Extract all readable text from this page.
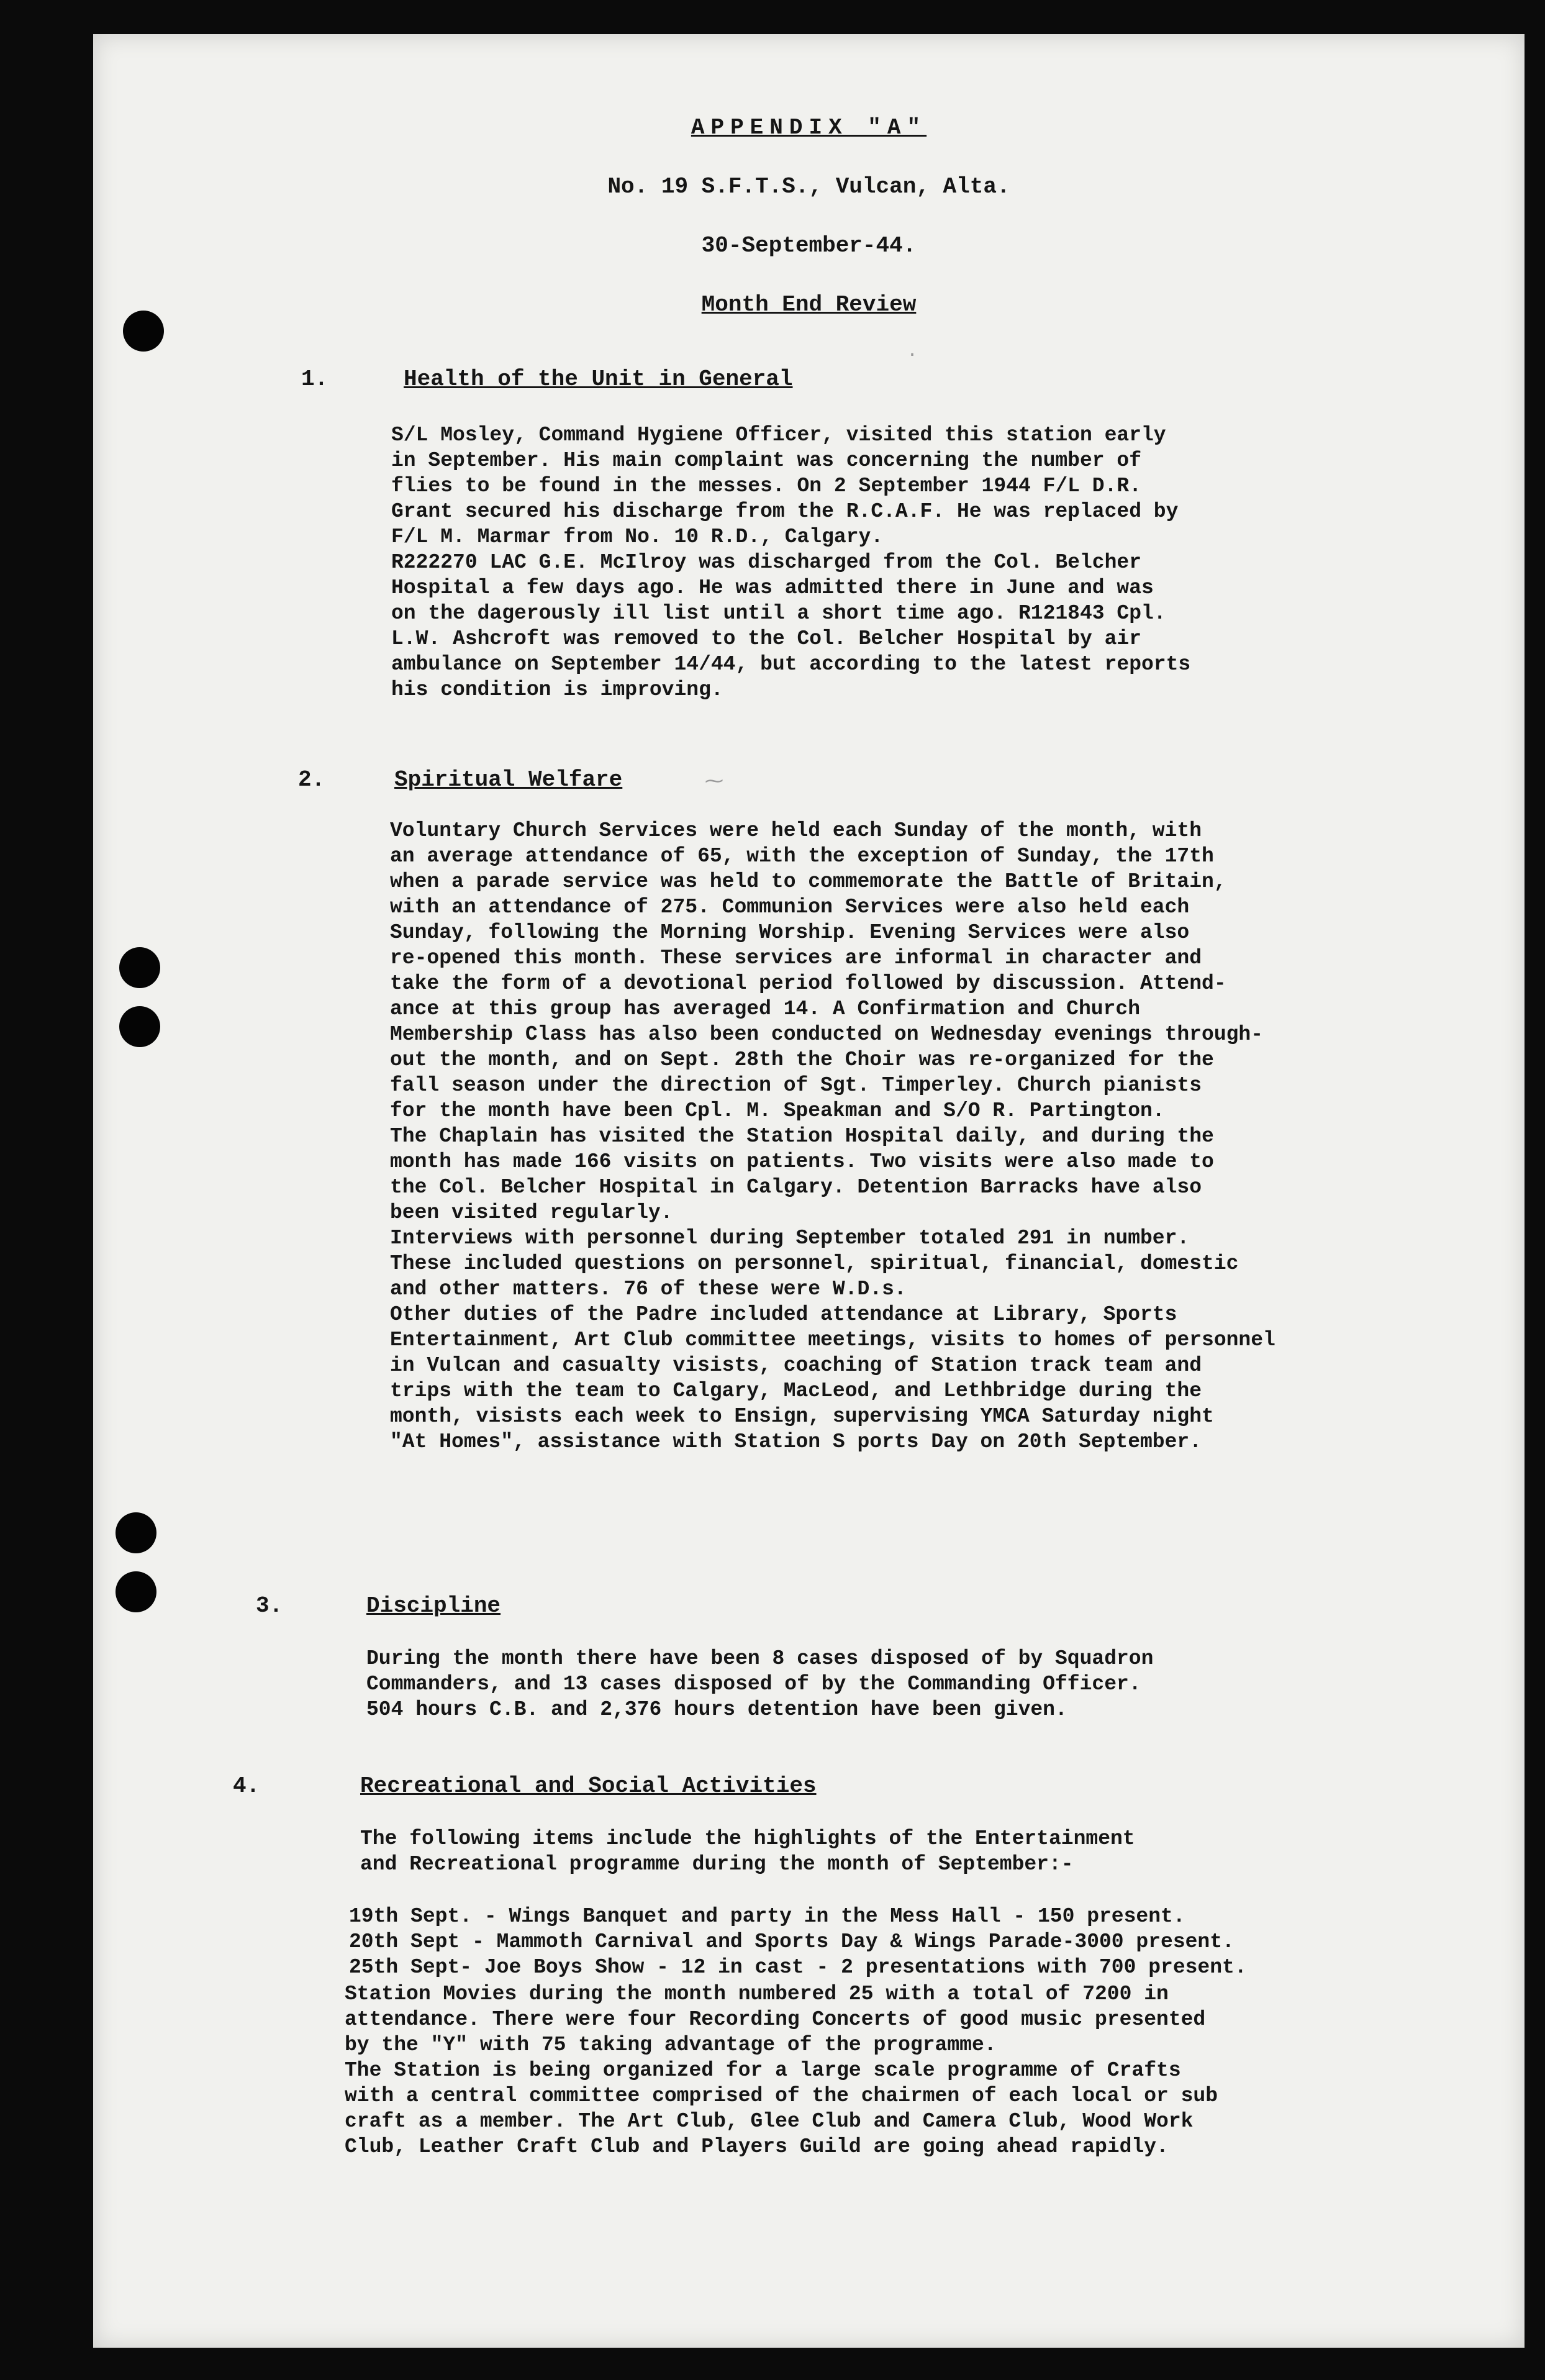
APPENDIX "A"
No. 19 S.F.T.S., Vulcan, Alta.
30-September-44.
Month End Review
·
⁓
1.	Health of the Unit in General
S/L Mosley, Command Hygiene Officer, visited this station early
in September. His main complaint was concerning the number of
flies to be found in the messes. On 2 September 1944 F/L D.R.
Grant secured his discharge from the R.C.A.F. He was replaced by
F/L M. Marmar from No. 10 R.D., Calgary.
R222270 LAC G.E. McIlroy was discharged from the Col. Belcher
Hospital a few days ago. He was admitted there in June and was
on the dagerously ill list until a short time ago. R121843 Cpl.
L.W. Ashcroft was removed to the Col. Belcher Hospital by air
ambulance on September 14/44, but according to the latest reports
his condition is improving.
2.	Spiritual Welfare
Voluntary Church Services were held each Sunday of the month, with
an average attendance of 65, with the exception of Sunday, the 17th
when a parade service was held to commemorate the Battle of Britain,
with an attendance of 275. Communion Services were also held each
Sunday, following the Morning Worship. Evening Services were also
re-opened this month. These services are informal in character and
take the form of a devotional period followed by discussion. Attend-
ance at this group has averaged 14. A Confirmation and Church
Membership Class has also been conducted on Wednesday evenings through-
out the month, and on Sept. 28th the Choir was re-organized for the
fall season under the direction of Sgt. Timperley. Church pianists
for the month have been Cpl. M. Speakman and S/O R. Partington.
The Chaplain has visited the Station Hospital daily, and during the
month has made 166 visits on patients. Two visits were also made to
the Col. Belcher Hospital in Calgary. Detention Barracks have also
been visited regularly.
Interviews with personnel during September totaled 291 in number.
These included questions on personnel, spiritual, financial, domestic
and other matters. 76 of these were W.D.s.
Other duties of the Padre included attendance at Library, Sports
Entertainment, Art Club committee meetings, visits to homes of personnel
in Vulcan and casualty visists, coaching of Station track team and
trips with the team to Calgary, MacLeod, and Lethbridge during the
month, visists each week to Ensign, supervising YMCA Saturday night
"At Homes", assistance with Station S ports Day on 20th September.
3.	Discipline
During the month there have been 8 cases disposed of by Squadron
Commanders, and 13 cases disposed of by the Commanding Officer.
504 hours C.B. and 2,376 hours detention have been given.
4.	Recreational and Social Activities
The following items include the highlights of the Entertainment
and Recreational programme during the month of September:-
19th Sept. - Wings Banquet and party in the Mess Hall - 150 present.
20th Sept - Mammoth Carnival and Sports Day & Wings Parade-3000 present.
25th Sept- Joe Boys Show - 12 in cast - 2 presentations with 700 present.
Station Movies during the month numbered 25 with a total of 7200 in
attendance. There were four Recording Concerts of good music presented
by the "Y" with 75 taking advantage of the programme.
The Station is being organized for a large scale programme of Crafts
with a central committee comprised of the chairmen of each local or sub
craft as a member. The Art Club, Glee Club and Camera Club, Wood Work
Club, Leather Craft Club and Players Guild are going ahead rapidly.
